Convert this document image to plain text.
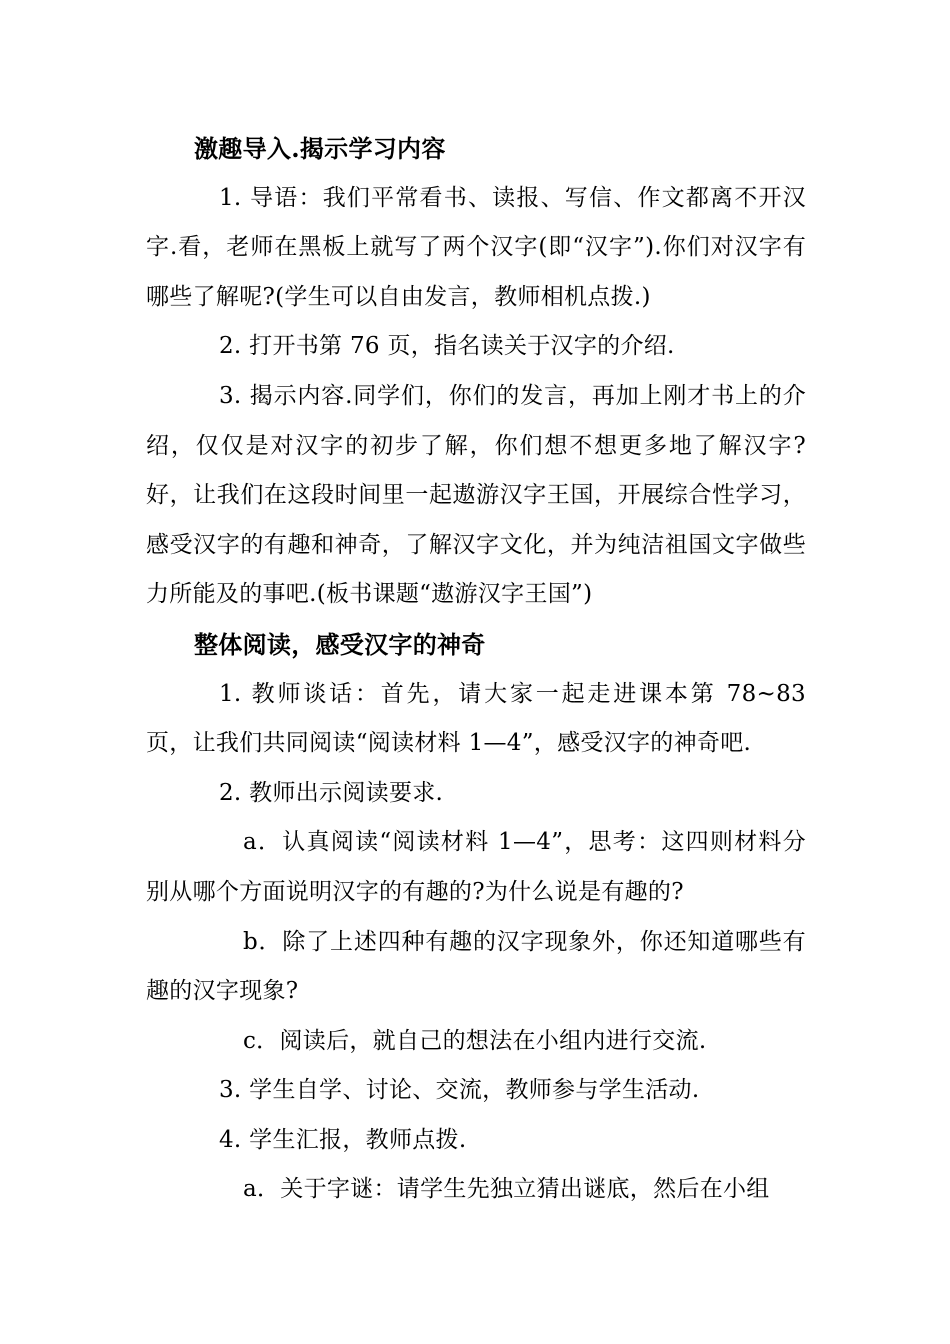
激趣导入.揭示学习内容

1. 导语：我们平常看书、读报、写信、作文都离不开汉字.看，老师在黑板上就写了两个汉字(即“汉字”).你们对汉字有哪些了解呢?(学生可以自由发言，教师相机点拨.)

2. 打开书第 76 页，指名读关于汉字的介绍.

3. 揭示内容.同学们，你们的发言，再加上刚才书上的介绍，仅仅是对汉字的初步了解，你们想不想更多地了解汉字?好，让我们在这段时间里一起遨游汉字王国，开展综合性学习，感受汉字的有趣和神奇，了解汉字文化，并为纯洁祖国文字做些力所能及的事吧.(板书课题“遨游汉字王国”)

整体阅读，感受汉字的神奇

1. 教师谈话：首先，请大家一起走进课本第 78~83 页，让我们共同阅读“阅读材料 1—4”，感受汉字的神奇吧.

2. 教师出示阅读要求.

a．认真阅读“阅读材料 1—4”，思考：这四则材料分别从哪个方面说明汉字的有趣的?为什么说是有趣的?

b．除了上述四种有趣的汉字现象外，你还知道哪些有趣的汉字现象?

c．阅读后，就自己的想法在小组内进行交流.

3. 学生自学、讨论、交流，教师参与学生活动.

4. 学生汇报，教师点拨.

a．关于字谜：请学生先独立猜出谜底，然后在小组
